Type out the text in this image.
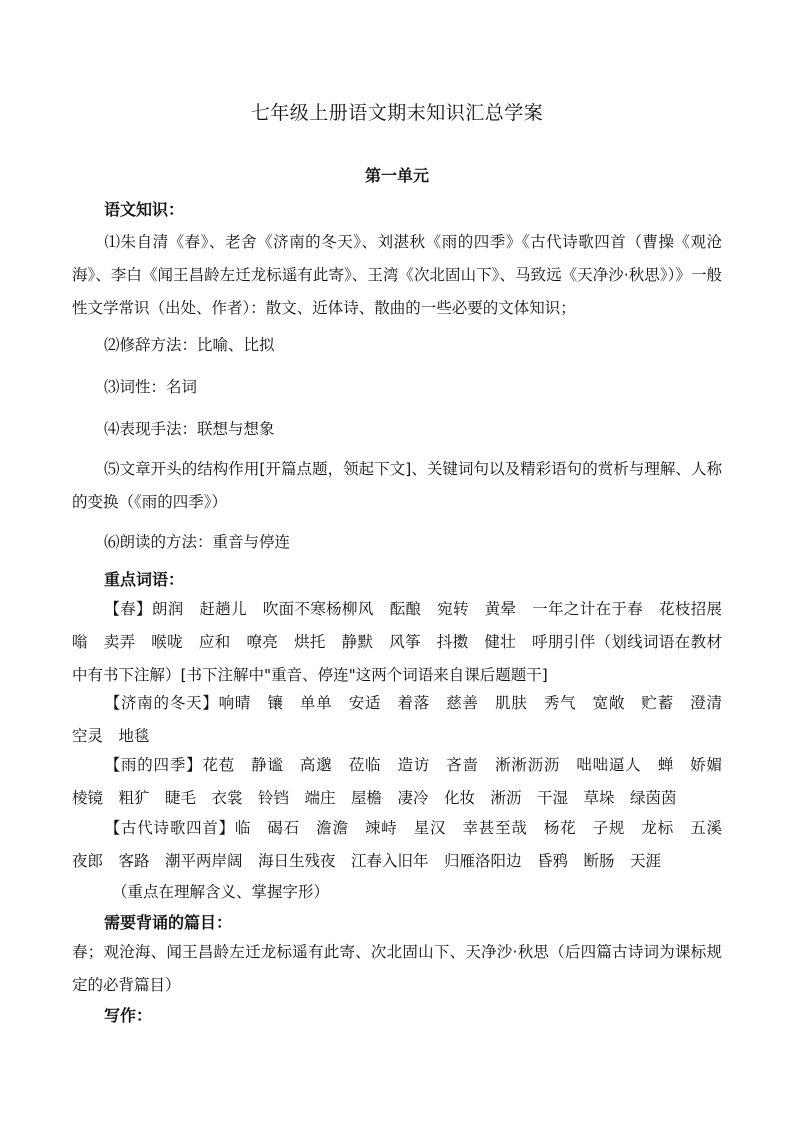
七年级上册语文期末知识汇总学案
第一单元
语文知识：
⑴朱自清《春》、老舍《济南的冬天》、刘湛秋《雨的四季》《古代诗歌四首（曹操《观沧海》、李白《闻王昌龄左迁龙标遥有此寄》、王湾《次北固山下》、马致远《天净沙·秋思》）》一般性文学常识（出处、作者）：散文、近体诗、散曲的一些必要的文体知识；
⑵修辞方法：比喻、比拟
⑶词性：名词
⑷表现手法：联想与想象
⑸文章开头的结构作用[开篇点题，领起下文]、关键词句以及精彩语句的赏析与理解、人称的变换（《雨的四季》）
⑹朗读的方法：重音与停连
重点词语：
【春】朗润　赶趟儿　吹面不寒杨柳风　酝酿　宛转　黄晕　一年之计在于春　花枝招展　嗡　卖弄　喉咙　应和　嘹亮　烘托　静默　风筝　抖擞　健壮　呼朋引伴（划线词语在教材中有书下注解）[书下注解中"重音、停连"这两个词语来自课后题题干]
【济南的冬天】响晴　镶　单单　安适　着落　慈善　肌肤　秀气　宽敞　贮蓄　澄清　空灵　地毯
【雨的四季】花苞　静谧　高邈　莅临　造访　吝啬　淅淅沥沥　咄咄逼人　蝉　娇媚　棱镜　粗犷　睫毛　衣裳　铃铛　端庄　屋檐　凄冷　化妆　淅沥　干湿　草垛　绿茵茵
【古代诗歌四首】临　碣石　澹澹　竦峙　星汉　幸甚至哉　杨花　子规　龙标　五溪　夜郎　客路　潮平两岸阔　海日生残夜　江春入旧年　归雁洛阳边　昏鸦　断肠　天涯
（重点在理解含义、掌握字形）
需要背诵的篇目：
春；观沧海、闻王昌龄左迁龙标遥有此寄、次北固山下、天净沙·秋思（后四篇古诗词为课标规定的必背篇目）
写作：
